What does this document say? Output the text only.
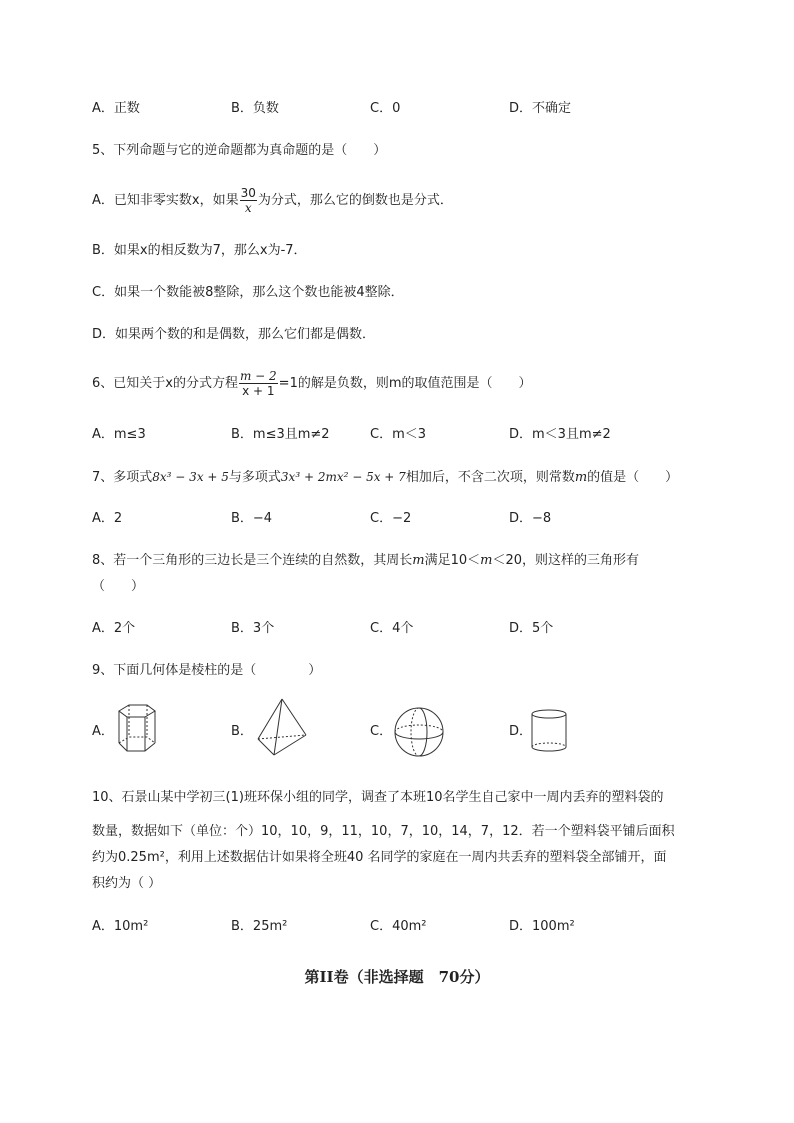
A．正数	B．负数	C．0	D．不确定
5、下列命题与它的逆命题都为真命题的是（　　）
A．已知非零实数x，如果 $\frac{30}{x}$ 为分式，那么它的倒数也是分式．
B．如果x的相反数为7，那么x为-7．
C．如果一个数能被8整除，那么这个数也能被4整除．
D．如果两个数的和是偶数，那么它们都是偶数．
6、已知关于x的分式方程 $\frac{m - 2}{x + 1} =1$的解是负数，则m的取值范围是（　　）
A．m≤3	B．m≤3且m≠2	C．m＜3	D．m＜3且m≠2
7、多项式8x³ − 3x + 5与多项式3x³ + 2mx² − 5x + 7相加后，不含二次项，则常数m的值是（　　）
A．2	B．−4	C．−2	D．−8
8、若一个三角形的三边长是三个连续的自然数，其周长m满足10＜m＜20，则这样的三角形有
（　　）
A．2个	B．3个	C．4个	D．5个
9、下面几何体是棱柱的是（　　　　）
A．	B．	C．	D．
10、石景山某中学初三(1)班环保小组的同学，调查了本班10名学生自己家中一周内丢弃的塑料袋的
数量，数据如下（单位：个）10，10，9，11，10，7，10，14，7，12．若一个塑料袋平铺后面积
约为0.25m²，利用上述数据估计如果将全班40 名同学的家庭在一周内共丢弃的塑料袋全部铺开，面
积约为（ ）
A．10m²	B．25m²	C．40m²	D．100m²
第II卷（非选择题　70分）
